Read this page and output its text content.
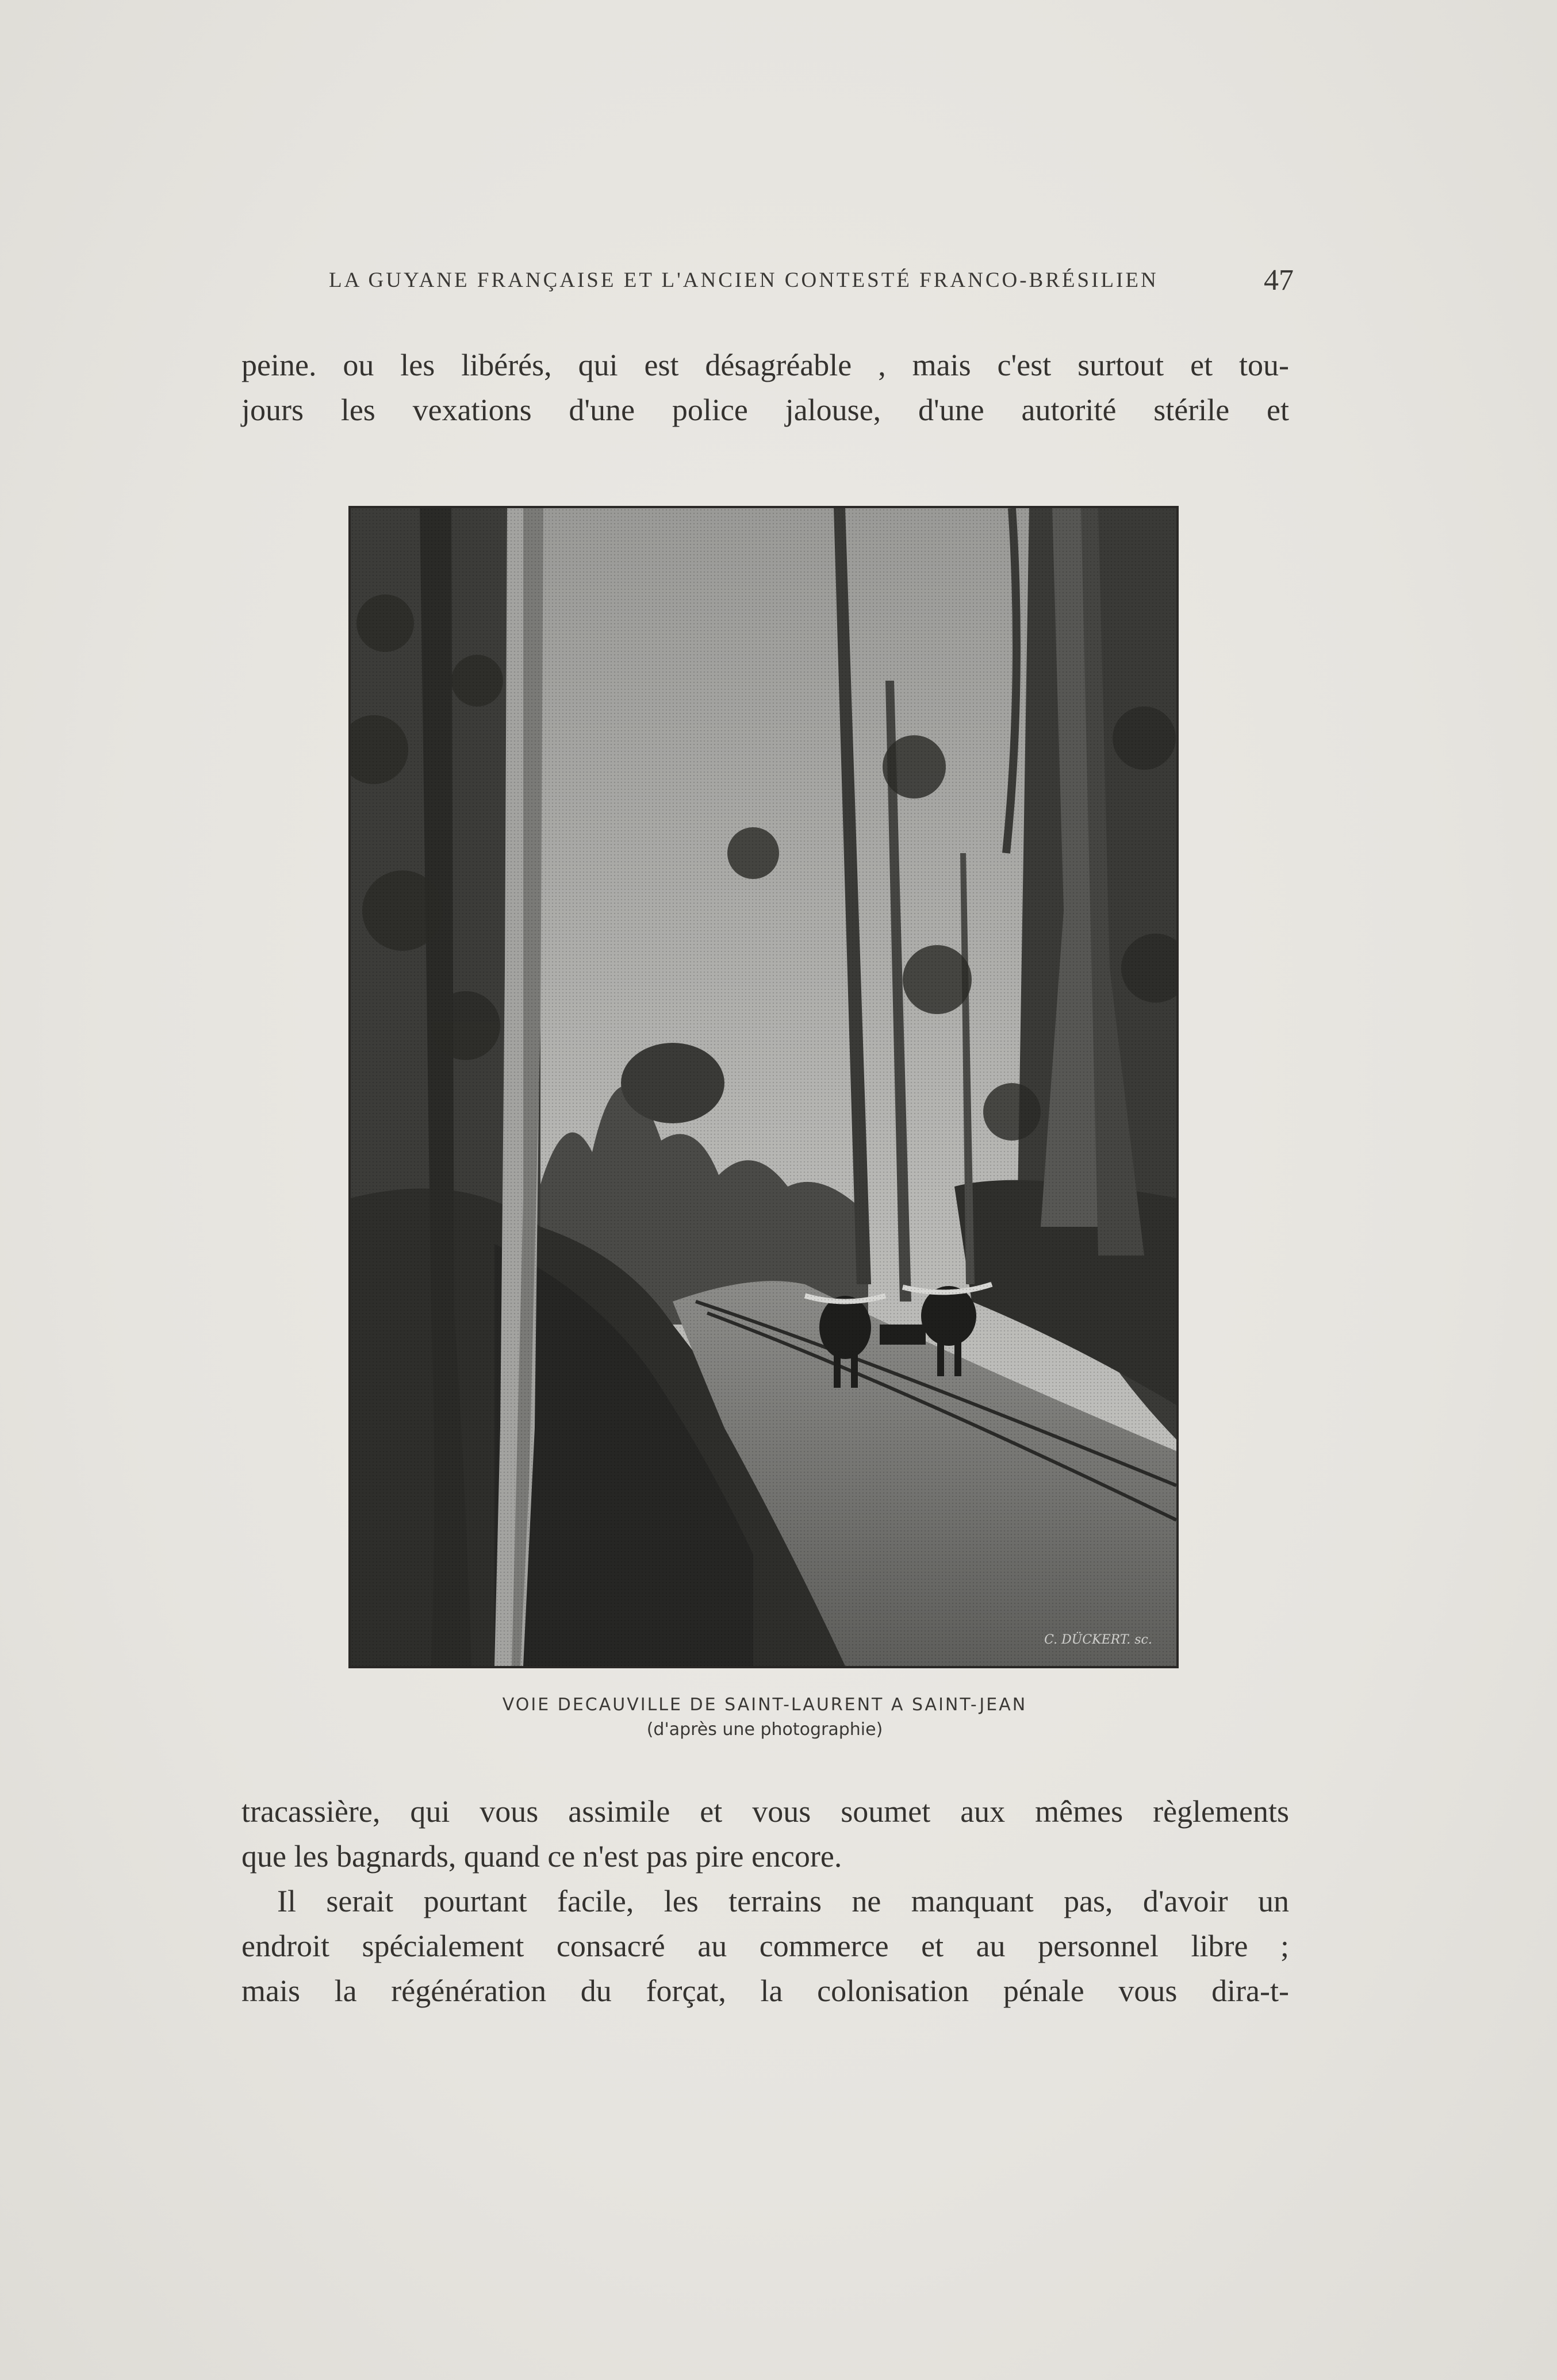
LA GUYANE FRANÇAISE ET L'ANCIEN CONTESTÉ FRANCO-BRÉSILIEN	47
peine. ou les libérés, qui est désagréable , mais c'est surtout et tou-
jours les vexations d'une police jalouse, d'une autorité stérile et
C. DÜCKERT. sc.
VOIE DECAUVILLE DE SAINT-LAURENT A SAINT-JEAN
(d'après une photographie)
tracassière, qui vous assimile et vous soumet aux mêmes règlements
que les bagnards, quand ce n'est pas pire encore.
Il serait pourtant facile, les terrains ne manquant pas, d'avoir un
endroit spécialement consacré au commerce et au personnel libre ;
mais la régénération du forçat, la colonisation pénale vous dira-t-
